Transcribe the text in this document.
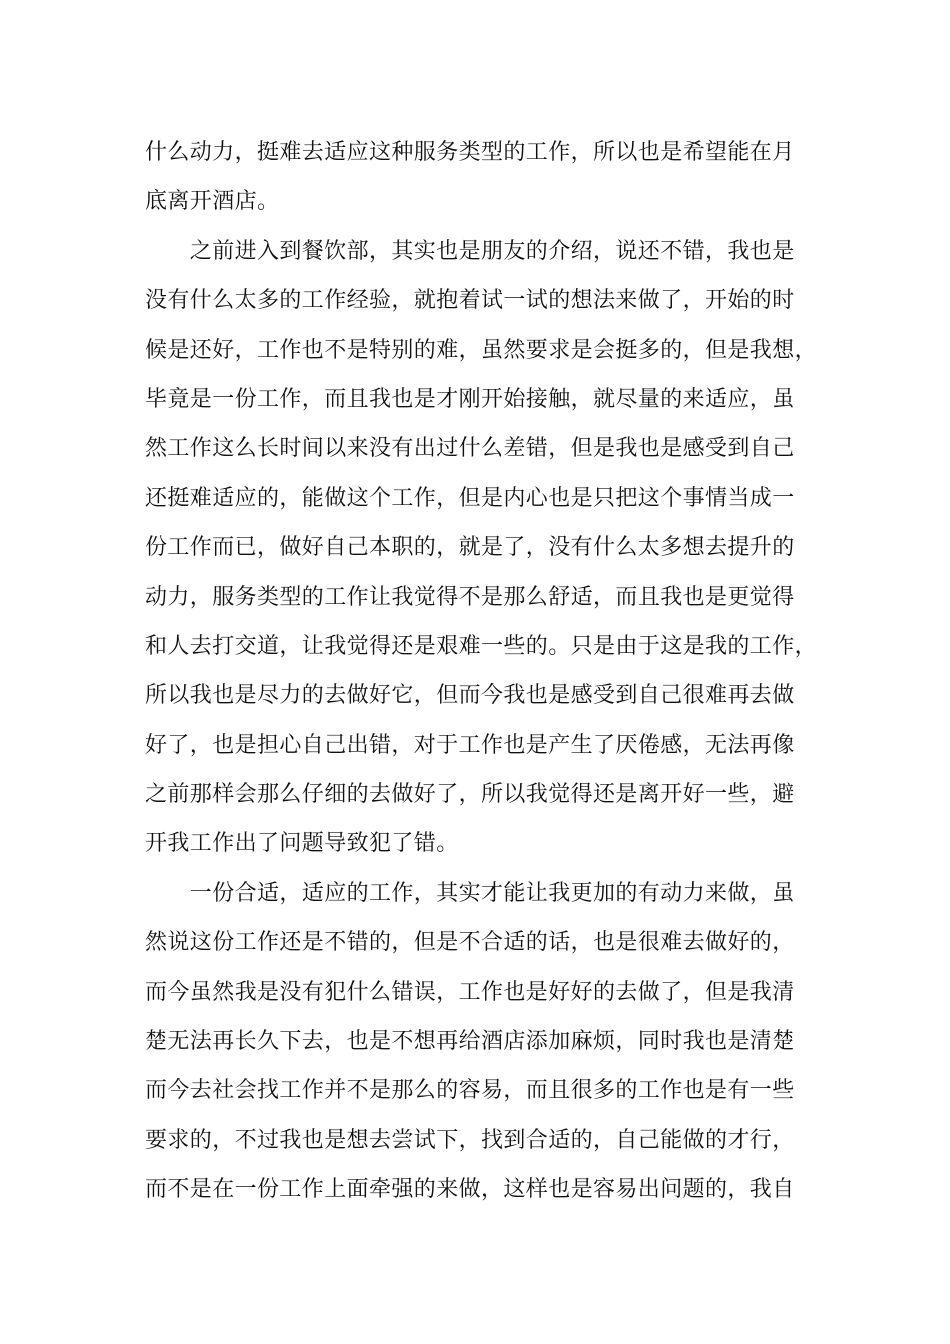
什么动力，挺难去适应这种服务类型的工作，所以也是希望能在月
底离开酒店。
　　之前进入到餐饮部，其实也是朋友的介绍，说还不错，我也是
没有什么太多的工作经验，就抱着试一试的想法来做了，开始的时
候是还好，工作也不是特别的难，虽然要求是会挺多的，但是我想，
毕竟是一份工作，而且我也是才刚开始接触，就尽量的来适应，虽
然工作这么长时间以来没有出过什么差错，但是我也是感受到自己
还挺难适应的，能做这个工作，但是内心也是只把这个事情当成一
份工作而已，做好自己本职的，就是了，没有什么太多想去提升的
动力，服务类型的工作让我觉得不是那么舒适，而且我也是更觉得
和人去打交道，让我觉得还是艰难一些的。只是由于这是我的工作，
所以我也是尽力的去做好它，但而今我也是感受到自己很难再去做
好了，也是担心自己出错，对于工作也是产生了厌倦感，无法再像
之前那样会那么仔细的去做好了，所以我觉得还是离开好一些，避
开我工作出了问题导致犯了错。
　　一份合适，适应的工作，其实才能让我更加的有动力来做，虽
然说这份工作还是不错的，但是不合适的话，也是很难去做好的，
而今虽然我是没有犯什么错误，工作也是好好的去做了，但是我清
楚无法再长久下去，也是不想再给酒店添加麻烦，同时我也是清楚
而今去社会找工作并不是那么的容易，而且很多的工作也是有一些
要求的，不过我也是想去尝试下，找到合适的，自己能做的才行，
而不是在一份工作上面牵强的来做，这样也是容易出问题的，我自
